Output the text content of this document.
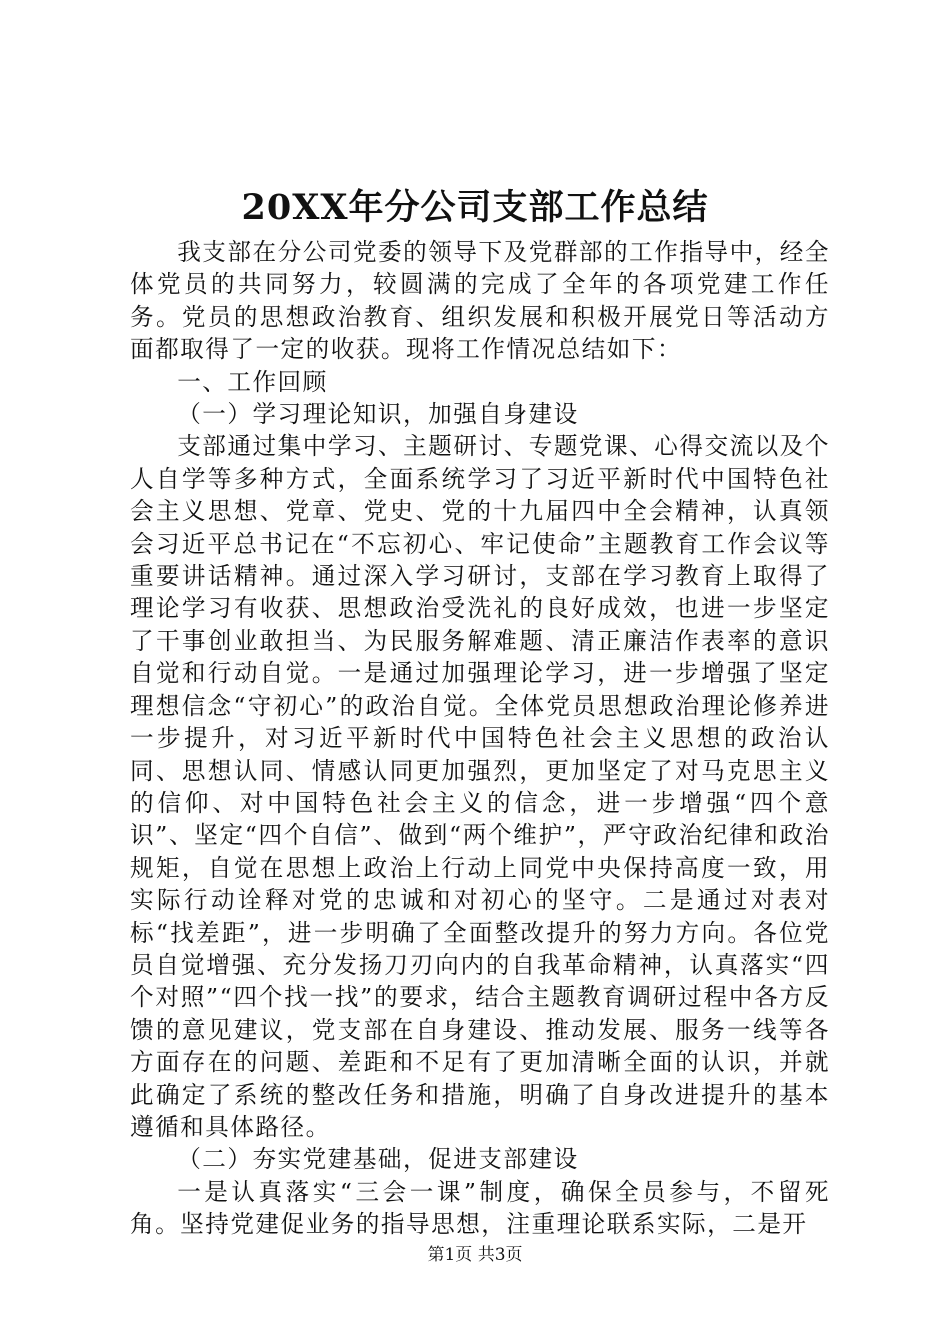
20XX年分公司支部工作总结

我支部在分公司党委的领导下及党群部的工作指导中，经全体党员的共同努力，较圆满的完成了全年的各项党建工作任务。党员的思想政治教育、组织发展和积极开展党日等活动方面都取得了一定的收获。现将工作情况总结如下：

一、工作回顾

（一）学习理论知识，加强自身建设

支部通过集中学习、主题研讨、专题党课、心得交流以及个人自学等多种方式，全面系统学习了习近平新时代中国特色社会主义思想、党章、党史、党的十九届四中全会精神，认真领会习近平总书记在“不忘初心、牢记使命”主题教育工作会议等重要讲话精神。通过深入学习研讨，支部在学习教育上取得了理论学习有收获、思想政治受洗礼的良好成效，也进一步坚定了干事创业敢担当、为民服务解难题、清正廉洁作表率的意识自觉和行动自觉。一是通过加强理论学习，进一步增强了坚定理想信念“守初心”的政治自觉。全体党员思想政治理论修养进一步提升，对习近平新时代中国特色社会主义思想的政治认同、思想认同、情感认同更加强烈，更加坚定了对马克思主义的信仰、对中国特色社会主义的信念，进一步增强“四个意识”、坚定“四个自信”、做到“两个维护”，严守政治纪律和政治规矩，自觉在思想上政治上行动上同党中央保持高度一致，用实际行动诠释对党的忠诚和对初心的坚守。二是通过对表对标“找差距”，进一步明确了全面整改提升的努力方向。各位党员自觉增强、充分发扬刀刃向内的自我革命精神，认真落实“四个对照”“四个找一找”的要求，结合主题教育调研过程中各方反馈的意见建议，党支部在自身建设、推动发展、服务一线等各方面存在的问题、差距和不足有了更加清晰全面的认识，并就此确定了系统的整改任务和措施，明确了自身改进提升的基本遵循和具体路径。

（二）夯实党建基础，促进支部建设

一是认真落实“三会一课”制度，确保全员参与，不留死角。坚持党建促业务的指导思想，注重理论联系实际，二是开

第1页 共3页
